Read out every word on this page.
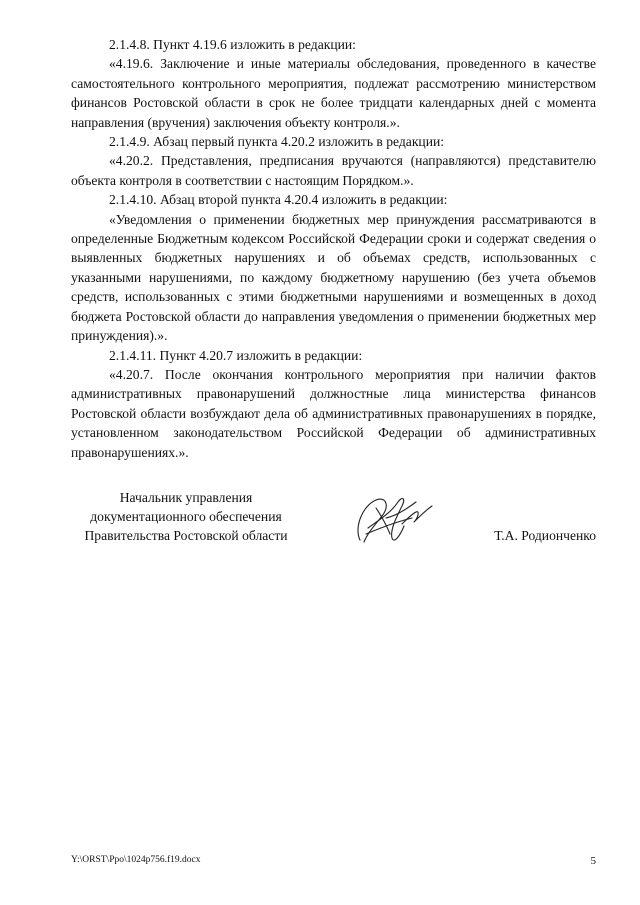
2.1.4.8. Пункт 4.19.6 изложить в редакции:

«4.19.6. Заключение и иные материалы обследования, проведенного в качестве самостоятельного контрольного мероприятия, подлежат рассмотрению министерством финансов Ростовской области в срок не более тридцати календарных дней с момента направления (вручения) заключения объекту контроля.».

2.1.4.9. Абзац первый пункта 4.20.2 изложить в редакции:

«4.20.2. Представления, предписания вручаются (направляются) представителю объекта контроля в соответствии с настоящим Порядком.».

2.1.4.10. Абзац второй пункта 4.20.4 изложить в редакции:

«Уведомления о применении бюджетных мер принуждения рассматриваются в определенные Бюджетным кодексом Российской Федерации сроки и содержат сведения о выявленных бюджетных нарушениях и об объемах средств, использованных с указанными нарушениями, по каждому бюджетному нарушению (без учета объемов средств, использованных с этими бюджетными нарушениями и возмещенных в доход бюджета Ростовской области до направления уведомления о применении бюджетных мер принуждения).».

2.1.4.11. Пункт 4.20.7 изложить в редакции:

«4.20.7. После окончания контрольного мероприятия при наличии фактов административных правонарушений должностные лица министерства финансов Ростовской области возбуждают дела об административных правонарушениях в порядке, установленном законодательством Российской Федерации об административных правонарушениях.».

Начальник управления
документационного обеспечения
Правительства Ростовской области	Т.А. Родионченко
Y:\ORST\Ppo\1024p756.f19.docx	5
